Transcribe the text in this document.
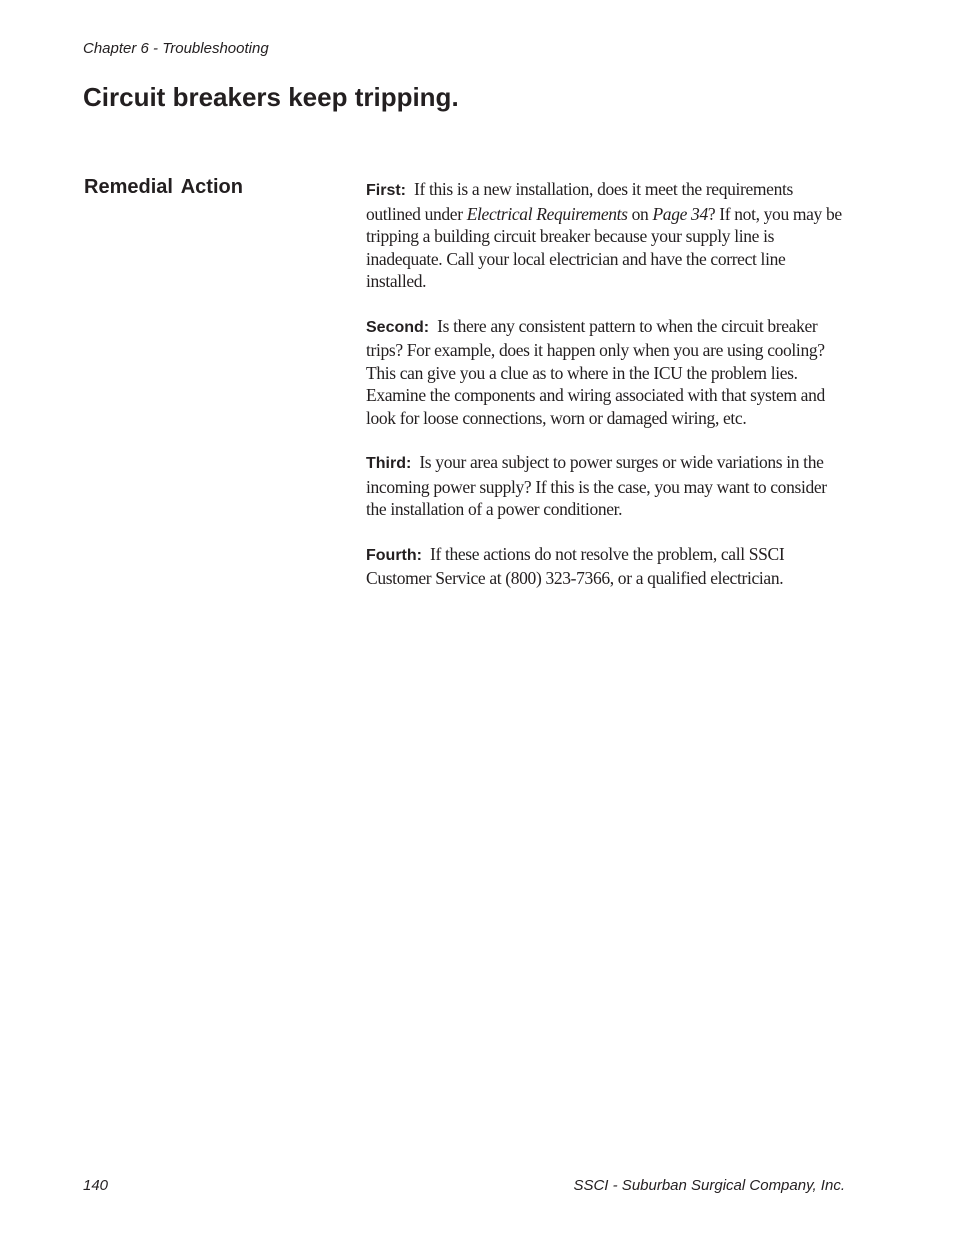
Chapter 6 - Troubleshooting
Circuit breakers keep tripping.
Remedial Action	First: If this is a new installation, does it meet the requirements outlined under Electrical Requirements on Page 34? If not, you may be tripping a building circuit breaker because your supply line is inadequate. Call your local electrician and have the correct line installed.

Second: Is there any consistent pattern to when the circuit breaker trips? For example, does it happen only when you are using cooling? This can give you a clue as to where in the ICU the problem lies. Examine the components and wiring associated with that system and look for loose connections, worn or damaged wiring, etc.

Third: Is your area subject to power surges or wide variations in the incoming power supply? If this is the case, you may want to consider the installation of a power conditioner.

Fourth: If these actions do not resolve the problem, call SSCI Customer Service at (800) 323-7366, or a qualified electrician.

140	SSCI - Suburban Surgical Company, Inc.
